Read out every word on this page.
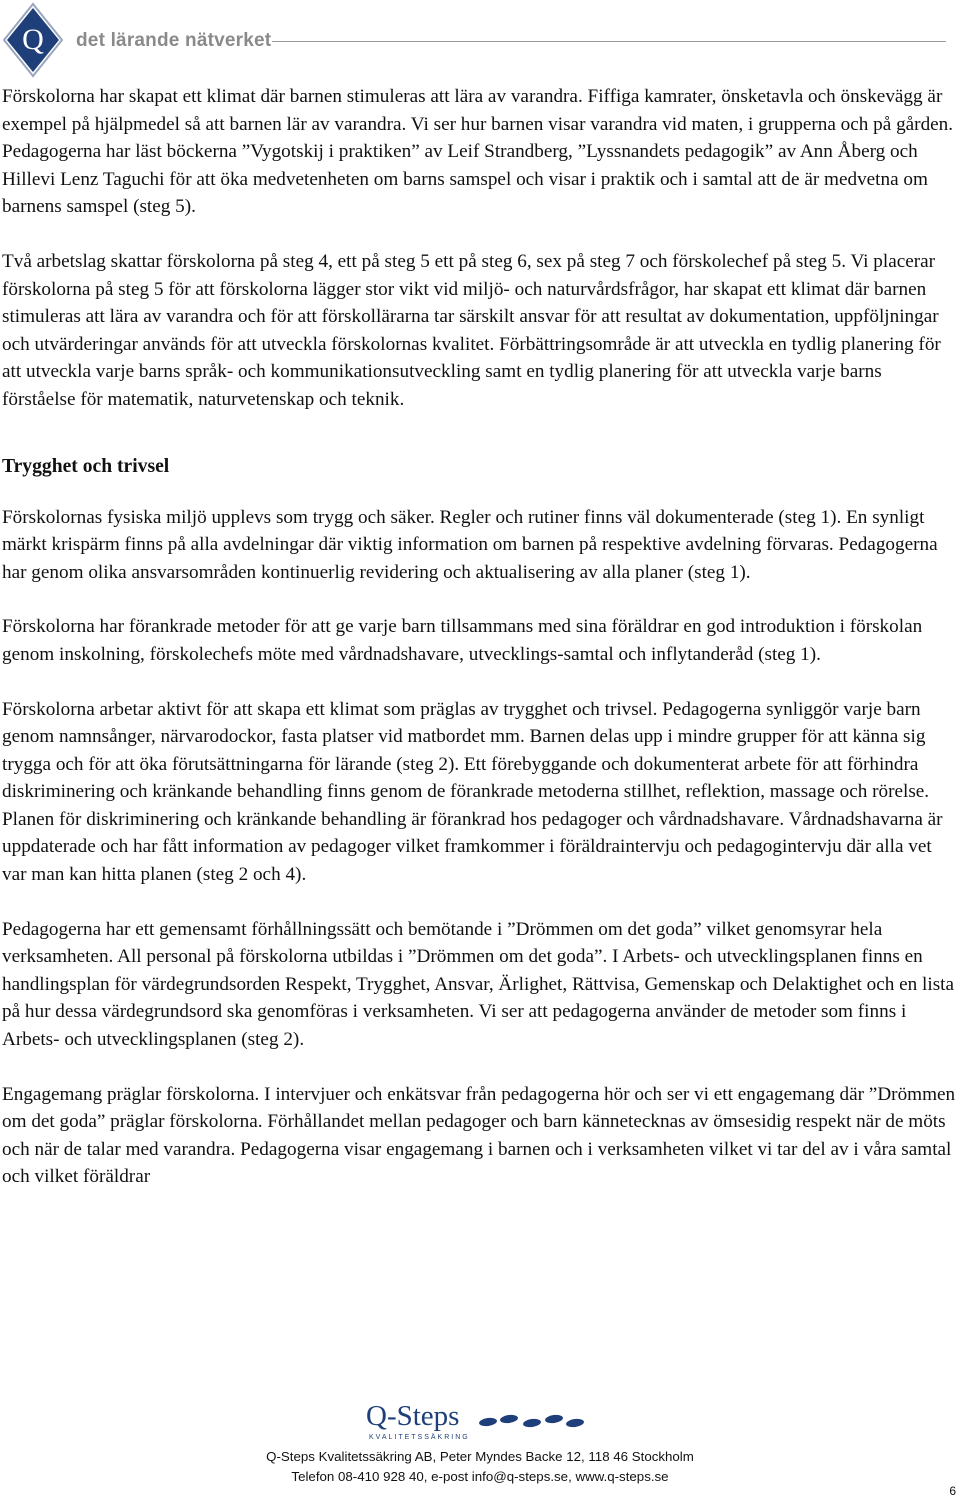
Q det lärande nätverket

Förskolorna har skapat ett klimat där barnen stimuleras att lära av varandra. Fiffiga kamrater, önsketavla och önskevägg är exempel på hjälpmedel så att barnen lär av varandra. Vi ser hur barnen visar varandra vid maten, i grupperna och på gården. Pedagogerna har läst böckerna ”Vygotskij i praktiken” av Leif Strandberg, ”Lyssnandets pedagogik” av Ann Åberg och Hillevi Lenz Taguchi för att öka medvetenheten om barns samspel och visar i praktik och i samtal att de är medvetna om barnens samspel (steg 5).

Två arbetslag skattar förskolorna på steg 4, ett på steg 5 ett på steg 6, sex på steg 7 och förskolechef på steg 5. Vi placerar förskolorna på steg 5 för att förskolorna lägger stor vikt vid miljö- och naturvårdsfrågor, har skapat ett klimat där barnen stimuleras att lära av varandra och för att förskollärarna tar särskilt ansvar för att resultat av dokumentation, uppföljningar och utvärderingar används för att utveckla förskolornas kvalitet. Förbättringsområde är att utveckla en tydlig planering för att utveckla varje barns språk- och kommunikationsutveckling samt en tydlig planering för att utveckla varje barns förståelse för matematik, naturvetenskap och teknik.

Trygghet och trivsel

Förskolornas fysiska miljö upplevs som trygg och säker. Regler och rutiner finns väl dokumenterade (steg 1). En synligt märkt krispärm finns på alla avdelningar där viktig information om barnen på respektive avdelning förvaras. Pedagogerna har genom olika ansvarsområden kontinuerlig revidering och aktualisering av alla planer (steg 1).

Förskolorna har förankrade metoder för att ge varje barn tillsammans med sina föräldrar en god introduktion i förskolan genom inskolning, förskolechefs möte med vårdnadshavare, utvecklings-samtal och inflytanderåd (steg 1).

Förskolorna arbetar aktivt för att skapa ett klimat som präglas av trygghet och trivsel. Pedagogerna synliggör varje barn genom namnsånger, närvarodockor, fasta platser vid matbordet mm. Barnen delas upp i mindre grupper för att känna sig trygga och för att öka förutsättningarna för lärande (steg 2). Ett förebyggande och dokumenterat arbete för att förhindra diskriminering och kränkande behandling finns genom de förankrade metoderna stillhet, reflektion, massage och rörelse. Planen för diskriminering och kränkande behandling är förankrad hos pedagoger och vårdnadshavare. Vårdnadshavarna är uppdaterade och har fått information av pedagoger vilket framkommer i föräldraintervju och pedagogintervju där alla vet var man kan hitta planen (steg 2 och 4).

Pedagogerna har ett gemensamt förhållningssätt och bemötande i ”Drömmen om det goda” vilket genomsyrar hela verksamheten. All personal på förskolorna utbildas i ”Drömmen om det goda”. I Arbets- och utvecklingsplanen finns en handlingsplan för värdegrundsorden Respekt, Trygghet, Ansvar, Ärlighet, Rättvisa, Gemenskap och Delaktighet och en lista på hur dessa värdegrundsord ska genomföras i verksamheten. Vi ser att pedagogerna använder de metoder som finns i Arbets- och utvecklingsplanen (steg 2).

Engagemang präglar förskolorna. I intervjuer och enkätsvar från pedagogerna hör och ser vi ett engagemang där ”Drömmen om det goda” präglar förskolorna. Förhållandet mellan pedagoger och barn kännetecknas av ömsesidig respekt när de möts och när de talar med varandra. Pedagogerna visar engagemang i barnen och i verksamheten vilket vi tar del av i våra samtal och vilket föräldrar

Q-Steps
KVALITETSSÄKRING
Q-Steps Kvalitetssäkring AB, Peter Myndes Backe 12, 118 46 Stockholm
Telefon 08-410 928 40, e-post info@q-steps.se, www.q-steps.se
6
